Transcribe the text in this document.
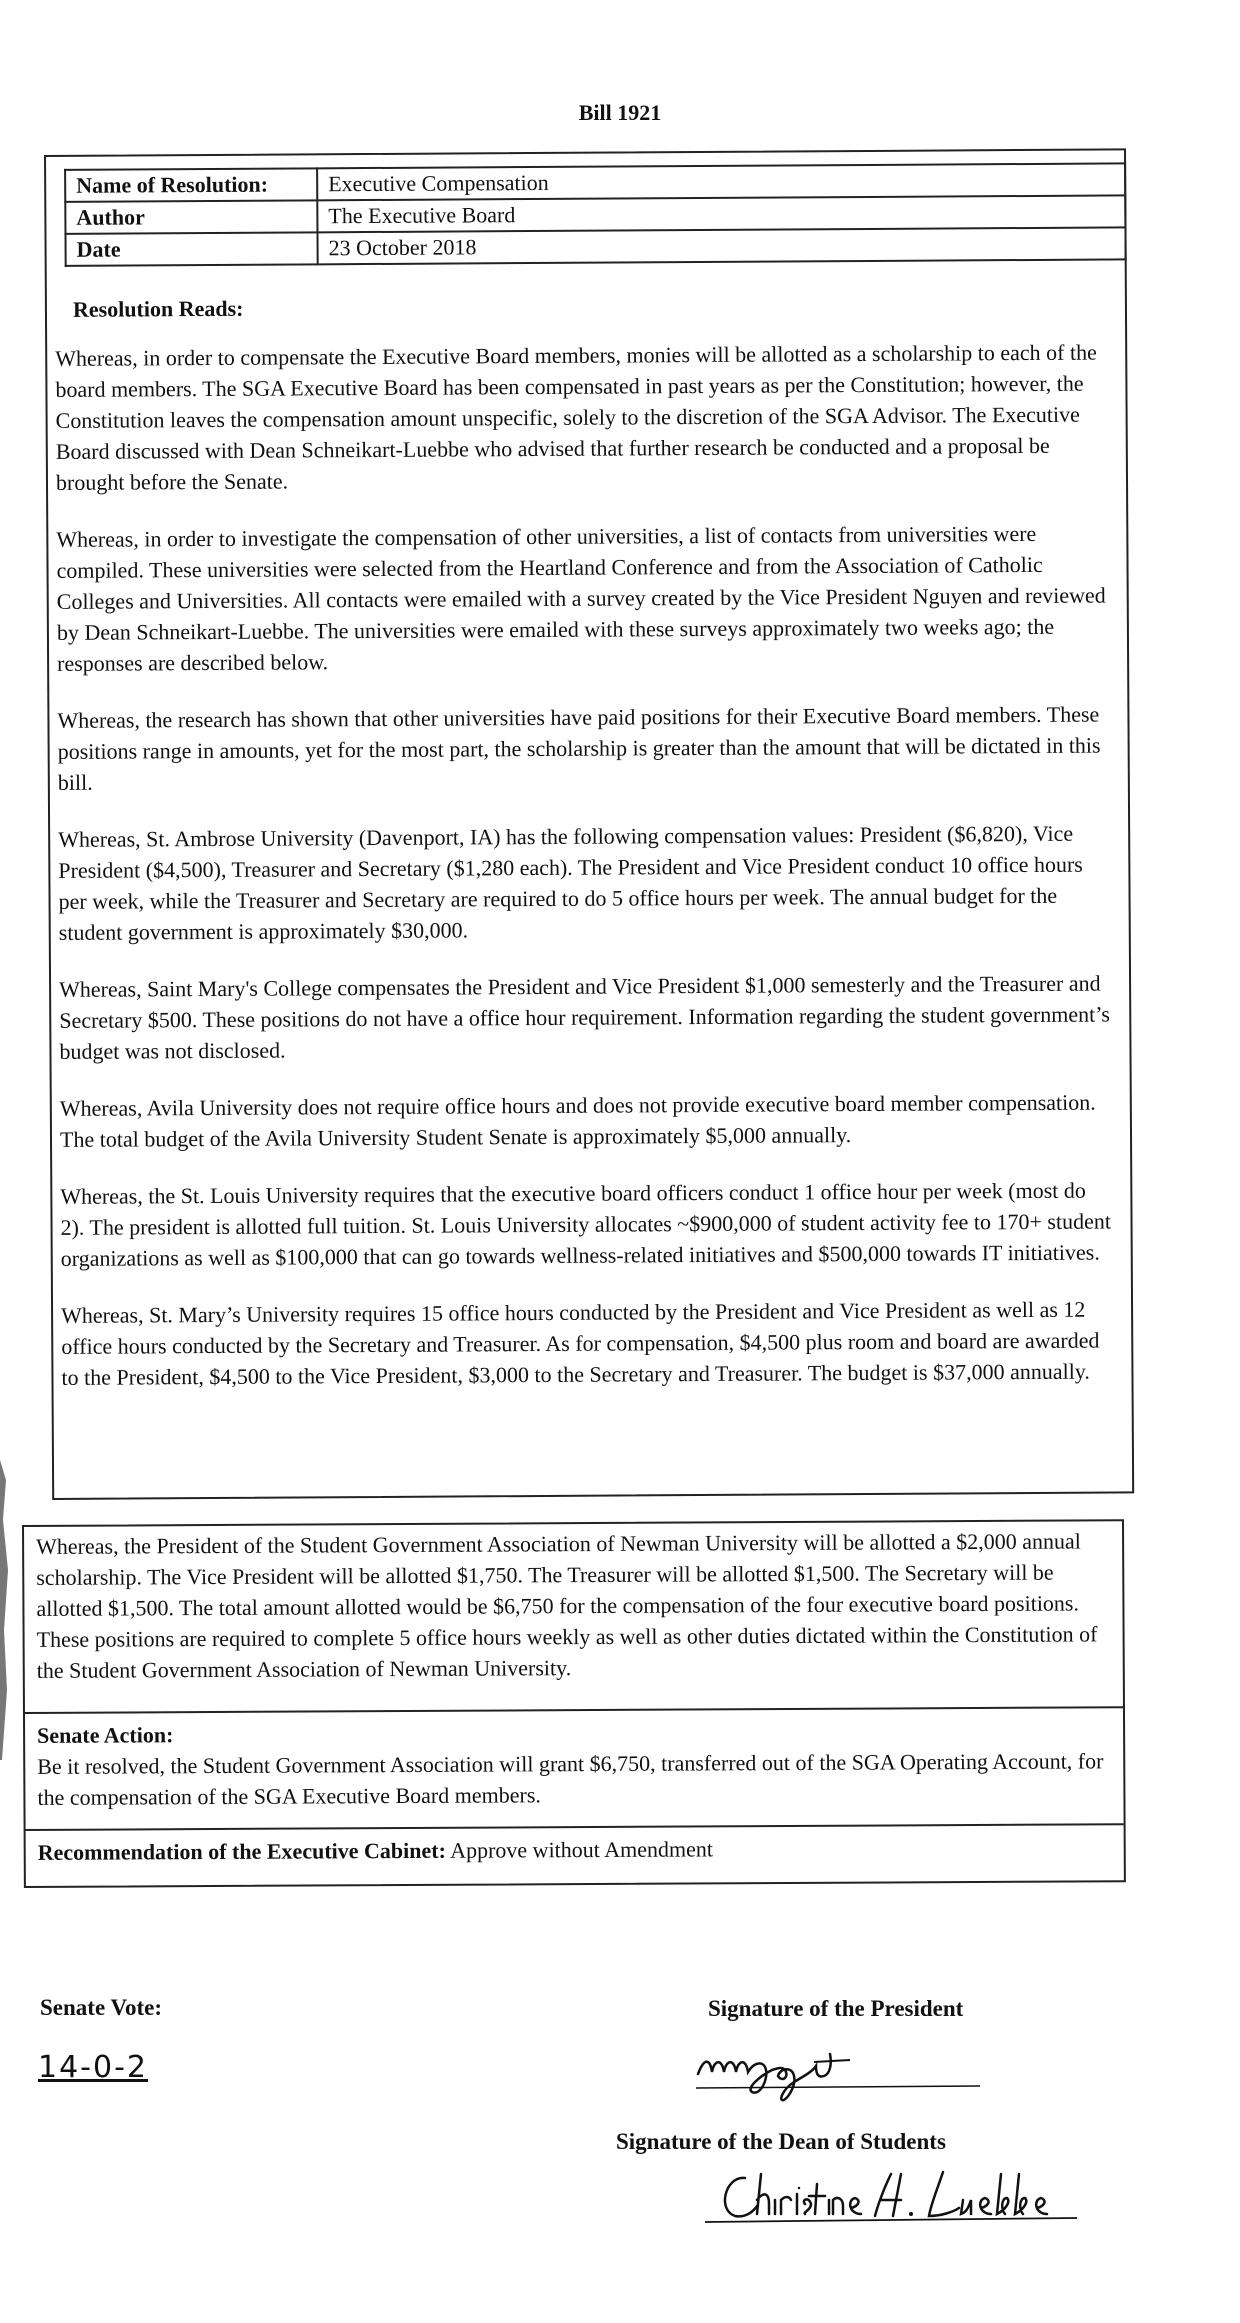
Bill 1921
Name of Resolution:	Executive Compensation
Author	The Executive Board
Date	23 October 2018
Resolution Reads:

Whereas, in order to compensate the Executive Board members, monies will be allotted as a scholarship to each of the board members. The SGA Executive Board has been compensated in past years as per the Constitution; however, the Constitution leaves the compensation amount unspecific, solely to the discretion of the SGA Advisor. The Executive Board discussed with Dean Schneikart-Luebbe who advised that further research be conducted and a proposal be brought before the Senate.

Whereas, in order to investigate the compensation of other universities, a list of contacts from universities were compiled. These universities were selected from the Heartland Conference and from the Association of Catholic Colleges and Universities. All contacts were emailed with a survey created by the Vice President Nguyen and reviewed by Dean Schneikart-Luebbe. The universities were emailed with these surveys approximately two weeks ago; the responses are described below.

Whereas, the research has shown that other universities have paid positions for their Executive Board members. These positions range in amounts, yet for the most part, the scholarship is greater than the amount that will be dictated in this bill.

Whereas, St. Ambrose University (Davenport, IA) has the following compensation values: President ($6,820), Vice President ($4,500), Treasurer and Secretary ($1,280 each). The President and Vice President conduct 10 office hours per week, while the Treasurer and Secretary are required to do 5 office hours per week. The annual budget for the student government is approximately $30,000.

Whereas, Saint Mary's College compensates the President and Vice President $1,000 semesterly and the Treasurer and Secretary $500. These positions do not have a office hour requirement. Information regarding the student government’s budget was not disclosed.

Whereas, Avila University does not require office hours and does not provide executive board member compensation. The total budget of the Avila University Student Senate is approximately $5,000 annually.

Whereas, the St. Louis University requires that the executive board officers conduct 1 office hour per week (most do 2). The president is allotted full tuition. St. Louis University allocates ~$900,000 of student activity fee to 170+ student organizations as well as $100,000 that can go towards wellness-related initiatives and $500,000 towards IT initiatives.

Whereas, St. Mary’s University requires 15 office hours conducted by the President and Vice President as well as 12 office hours conducted by the Secretary and Treasurer. As for compensation, $4,500 plus room and board are awarded to the President, $4,500 to the Vice President, $3,000 to the Secretary and Treasurer. The budget is $37,000 annually.

Whereas, the President of the Student Government Association of Newman University will be allotted a $2,000 annual scholarship. The Vice President will be allotted $1,750. The Treasurer will be allotted $1,500. The Secretary will be allotted $1,500. The total amount allotted would be $6,750 for the compensation of the four executive board positions. These positions are required to complete 5 office hours weekly as well as other duties dictated within the Constitution of the Student Government Association of Newman University.
Senate Action:
Be it resolved, the Student Government Association will grant $6,750, transferred out of the SGA Operating Account, for the compensation of the SGA Executive Board members.
Recommendation of the Executive Cabinet: Approve without Amendment
Senate Vote:
14-0-2
Signature of the President
Signature of the Dean of Students
